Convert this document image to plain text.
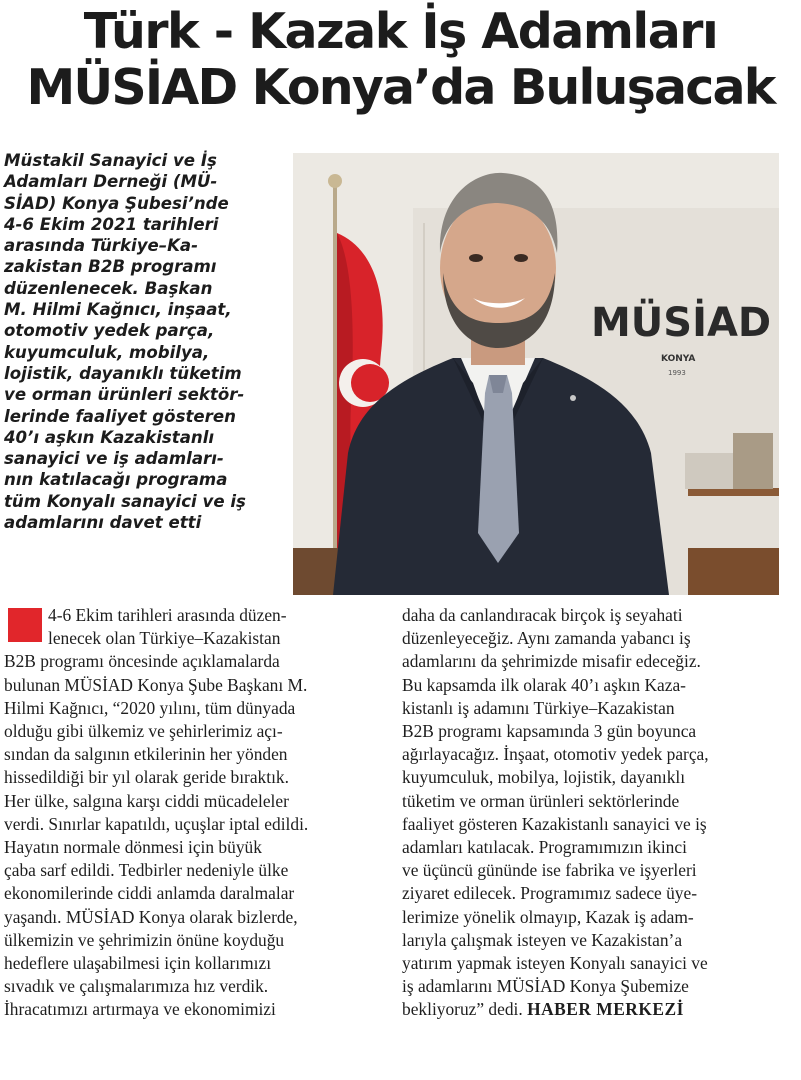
Türk - Kazak İş Adamları
MÜSİAD Konya’da Buluşacak

Müstakil Sanayici ve İş
Adamları Derneği (MÜ-
SİAD) Konya Şubesi’nde
4-6 Ekim 2021 tarihleri
arasında Türkiye–Ka-
zakistan B2B programı
düzenlenecek. Başkan
M. Hilmi Kağnıcı, inşaat,
otomotiv yedek parça,
kuyumculuk, mobilya,
lojistik, dayanıklı tüketim
ve orman ürünleri sektör-
lerinde faaliyet gösteren
40’ı aşkın Kazakistanlı
sanayici ve iş adamları-
nın katılacağı programa
tüm Konyalı sanayici ve iş
adamlarını davet etti

MÜSİAD
KONYA
1993

4-6 Ekim tarihleri arasında düzen-
lenecek olan Türkiye–Kazakistan
B2B programı öncesinde açıklamalarda
bulunan MÜSİAD Konya Şube Başkanı M.
Hilmi Kağnıcı, “2020 yılını, tüm dünyada
olduğu gibi ülkemiz ve şehirlerimiz açı-
sından da salgının etkilerinin her yönden
hissedildiği bir yıl olarak geride bıraktık.
Her ülke, salgına karşı ciddi mücadeleler
verdi. Sınırlar kapatıldı, uçuşlar iptal edildi.
Hayatın normale dönmesi için büyük
çaba sarf edildi. Tedbirler nedeniyle ülke
ekonomilerinde ciddi anlamda daralmalar
yaşandı. MÜSİAD Konya olarak bizlerde,
ülkemizin ve şehrimizin önüne koyduğu
hedeflere ulaşabilmesi için kollarımızı
sıvadık ve çalışmalarımıza hız verdik.
İhracatımızı artırmaya ve ekonomimizi

daha da canlandıracak birçok iş seyahati
düzenleyeceğiz. Aynı zamanda yabancı iş
adamlarını da şehrimizde misafir edeceğiz.
Bu kapsamda ilk olarak 40’ı aşkın Kaza-
kistanlı iş adamını Türkiye–Kazakistan
B2B programı kapsamında 3 gün boyunca
ağırlayacağız. İnşaat, otomotiv yedek parça,
kuyumculuk, mobilya, lojistik, dayanıklı
tüketim ve orman ürünleri sektörlerinde
faaliyet gösteren Kazakistanlı sanayici ve iş
adamları katılacak. Programımızın ikinci
ve üçüncü gününde ise fabrika ve işyerleri
ziyaret edilecek. Programımız sadece üye-
lerimize yönelik olmayıp, Kazak iş adam-
larıyla çalışmak isteyen ve Kazakistan’a
yatırım yapmak isteyen Konyalı sanayici ve
iş adamlarını MÜSİAD Konya Şubemize
bekliyoruz” dedi. HABER MERKEZİ
